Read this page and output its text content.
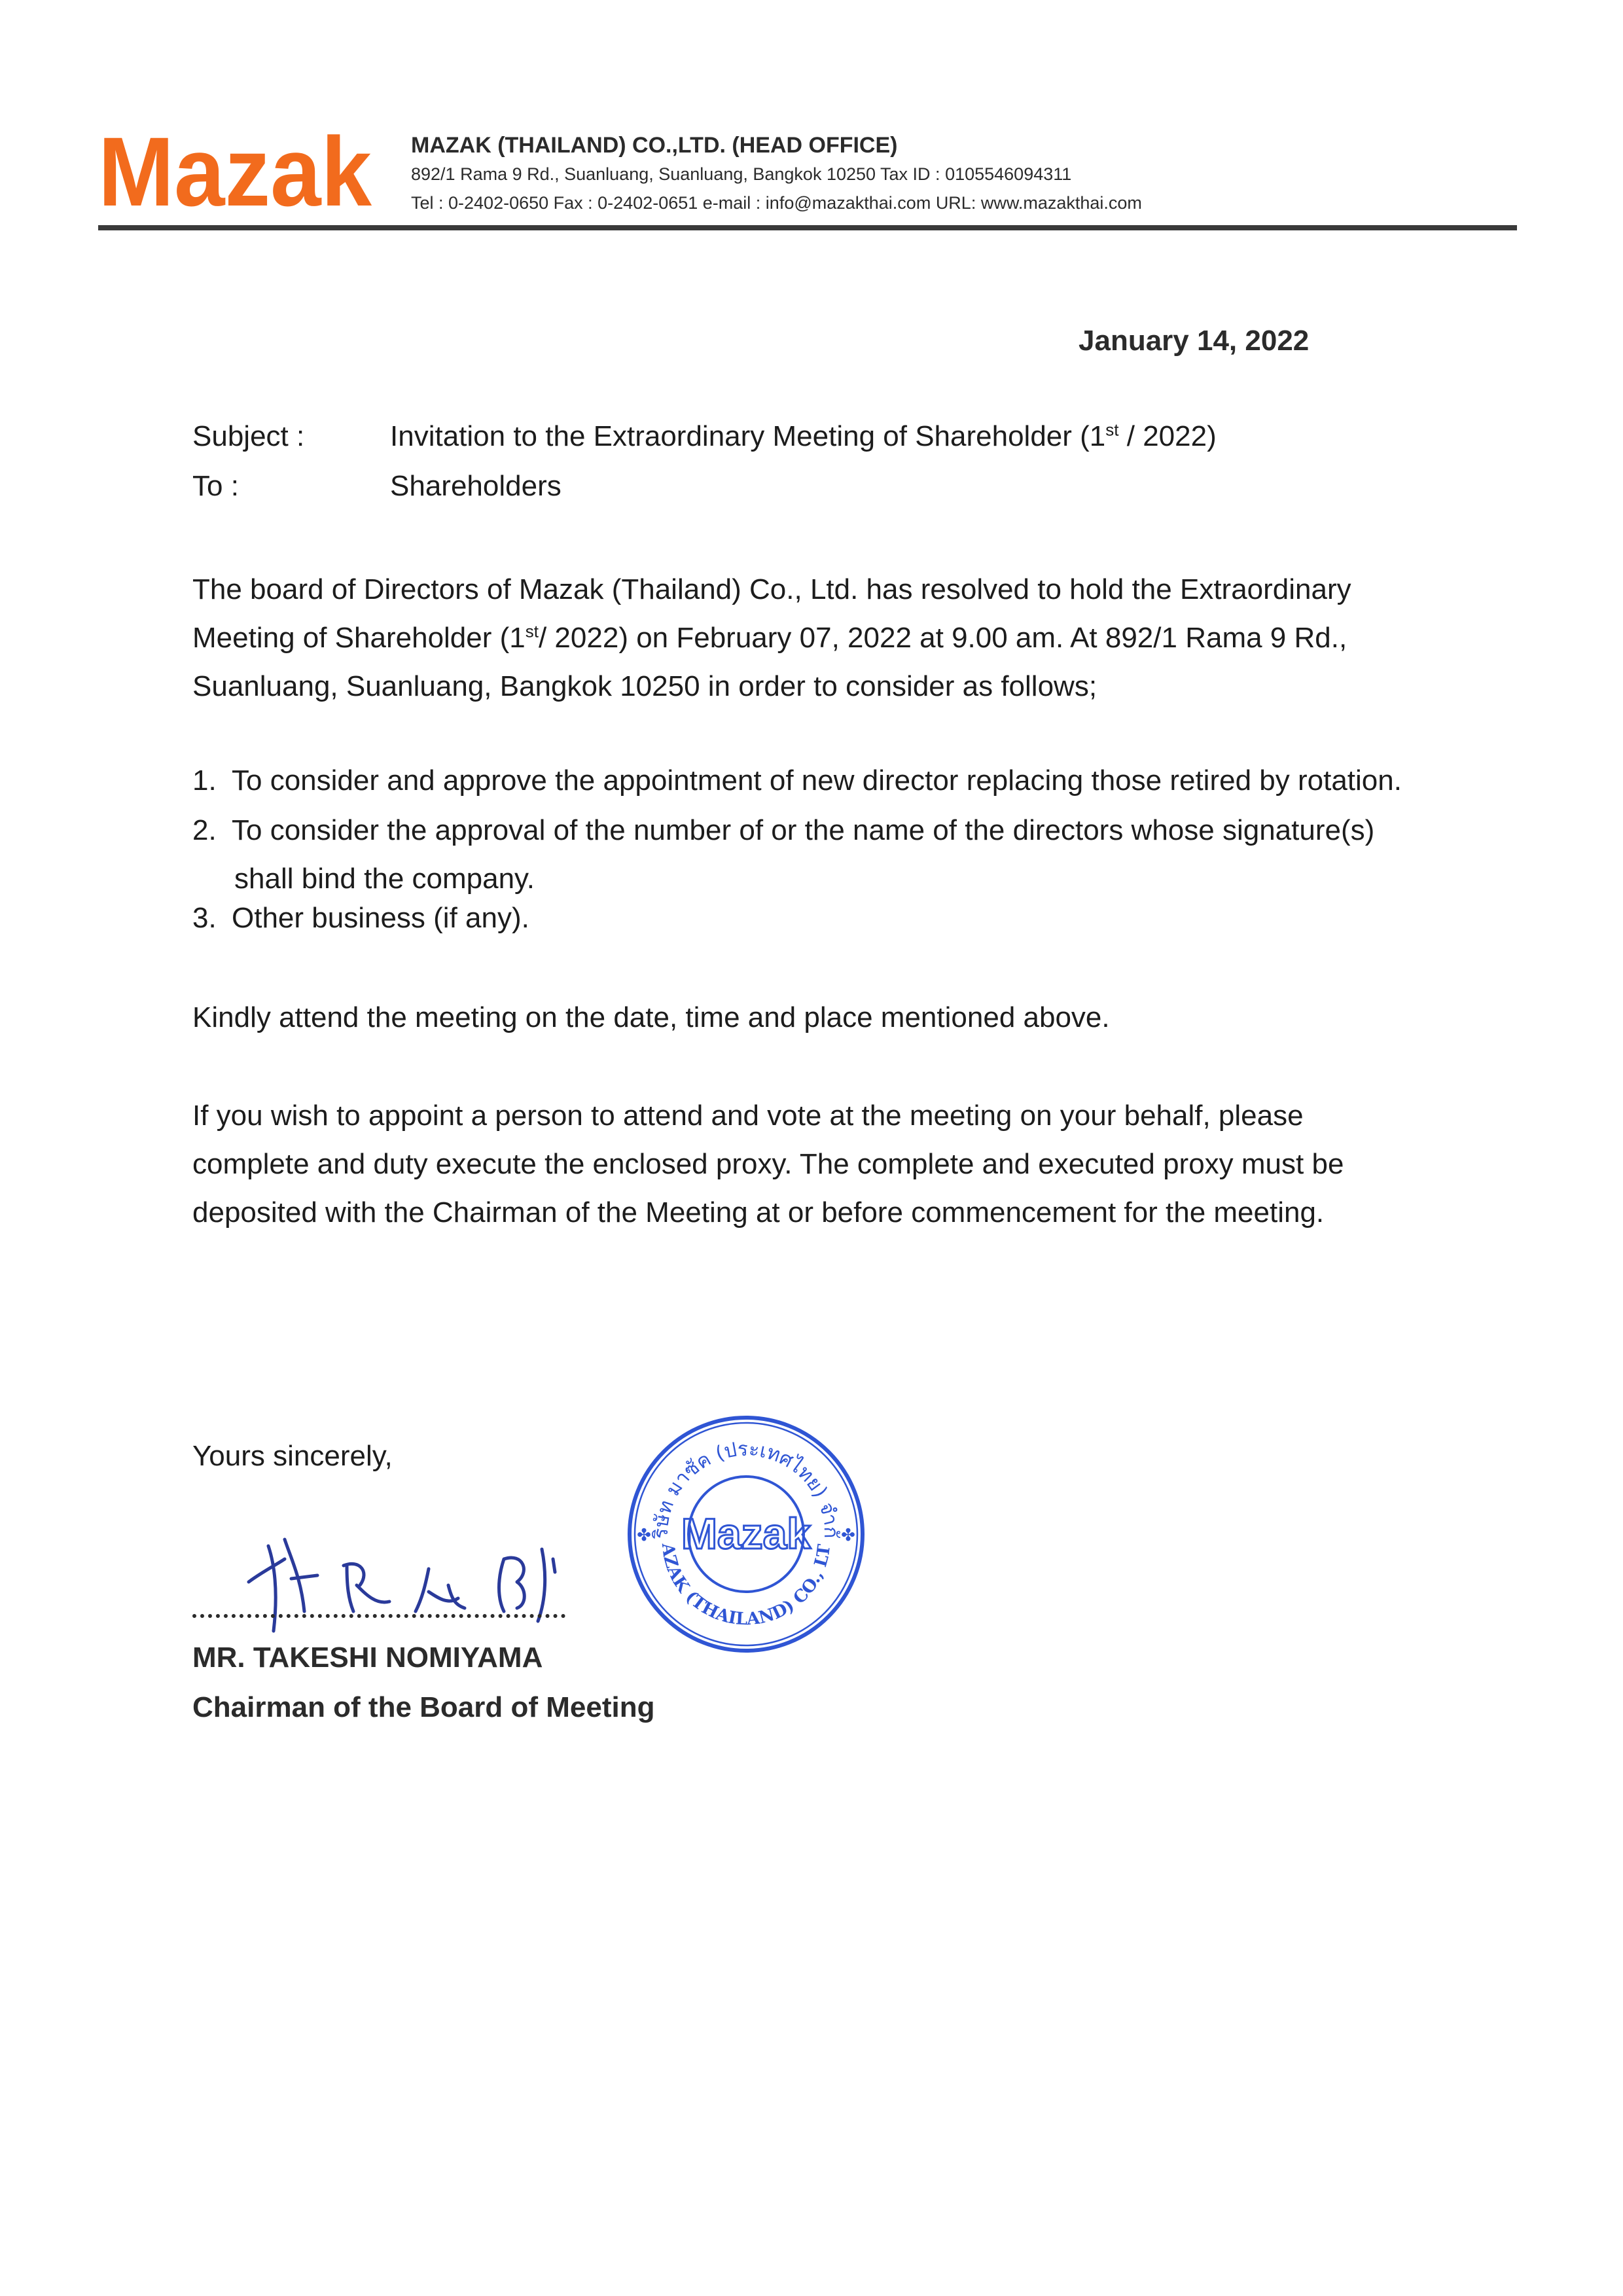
Mazak MAZAK (THAILAND) CO.,LTD. (HEAD OFFICE)
892/1 Rama 9 Rd., Suanluang, Suanluang, Bangkok 10250 Tax ID : 0105546094311
Tel : 0-2402-0650 Fax : 0-2402-0651 e-mail : info@mazakthai.com URL: www.mazakthai.com
January 14, 2022
Subject :	Invitation to the Extraordinary Meeting of Shareholder (1st / 2022)
To :	Shareholders
The board of Directors of Mazak (Thailand) Co., Ltd. has resolved to hold the Extraordinary
Meeting of Shareholder (1st/ 2022) on February 07, 2022 at 9.00 am. At 892/1 Rama 9 Rd.,
Suanluang, Suanluang, Bangkok 10250 in order to consider as follows;
1. To consider and approve the appointment of new director replacing those retired by rotation.
2. To consider the approval of the number of or the name of the directors whose signature(s)
shall bind the company.
3. Other business (if any).
Kindly attend the meeting on the date, time and place mentioned above.
If you wish to appoint a person to attend and vote at the meeting on your behalf, please
complete and duty execute the enclosed proxy. The complete and executed proxy must be
deposited with the Chairman of the Meeting at or before commencement for the meeting.
Yours sincerely,
MR. TAKESHI NOMIYAMA
Chairman of the Board of Meeting
ริษัท มาซัค (ประเทศไทย) จำกั
AZAK (THAILAND) CO., LT
Mazak
✤	✤
